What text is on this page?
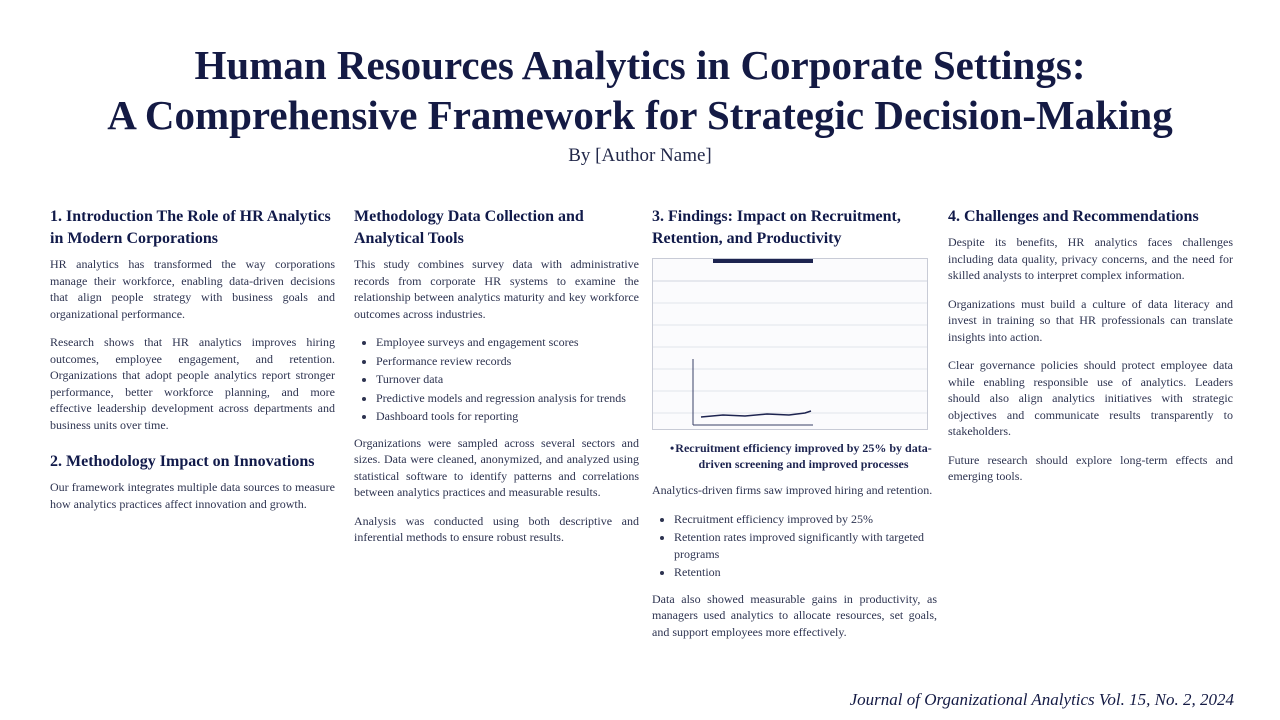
Human Resources Analytics in Corporate Settings:
A Comprehensive Framework for Strategic Decision-Making
By [Author Name]
1. Introduction The Role of HR Analytics in Modern Corporations
HR analytics has transformed the way corporations manage their workforce, enabling data-driven decisions that align people strategy with business goals and organizational performance.
Research shows that HR analytics improves hiring outcomes, employee engagement, and retention. Organizations that adopt people analytics report stronger performance, better workforce planning, and more effective leadership development across departments and business units over time.
2. Methodology Impact on Innovations
Our framework integrates multiple data sources to measure how analytics practices affect innovation and growth.
Methodology Data Collection and Analytical Tools
This study combines survey data with administrative records from corporate HR systems to examine the relationship between analytics maturity and key workforce outcomes across industries.
• Employee surveys and engagement scores
• Performance review records
• Turnover data
• Predictive models and regression analysis for trends
• Dashboard tools for reporting
Organizations were sampled across several sectors and sizes. Data were cleaned, anonymized, and analyzed using statistical software to identify patterns and correlations between analytics practices and measurable results.
Analysis was conducted using both descriptive and inferential methods to ensure robust results.
3. Findings: Impact on Recruitment, Retention, and Productivity
• Recruitment efficiency improved by 25% by data-driven screening and improved processes
Analytics-driven firms saw improved hiring and retention.
• Recruitment efficiency improved by 25%
• Retention rates improved significantly with targeted programs
• Retention
Data also showed measurable gains in productivity, as managers used analytics to allocate resources, set goals, and support employees more effectively.
4. Challenges and Recommendations
Despite its benefits, HR analytics faces challenges including data quality, privacy concerns, and the need for skilled analysts to interpret complex information.
Organizations must build a culture of data literacy and invest in training so that HR professionals can translate insights into action.
Clear governance policies should protect employee data while enabling responsible use of analytics. Leaders should also align analytics initiatives with strategic objectives and communicate results transparently to stakeholders.
Future research should explore long-term effects and emerging tools.
Journal of Organizational Analytics Vol. 15, No. 2, 2024
